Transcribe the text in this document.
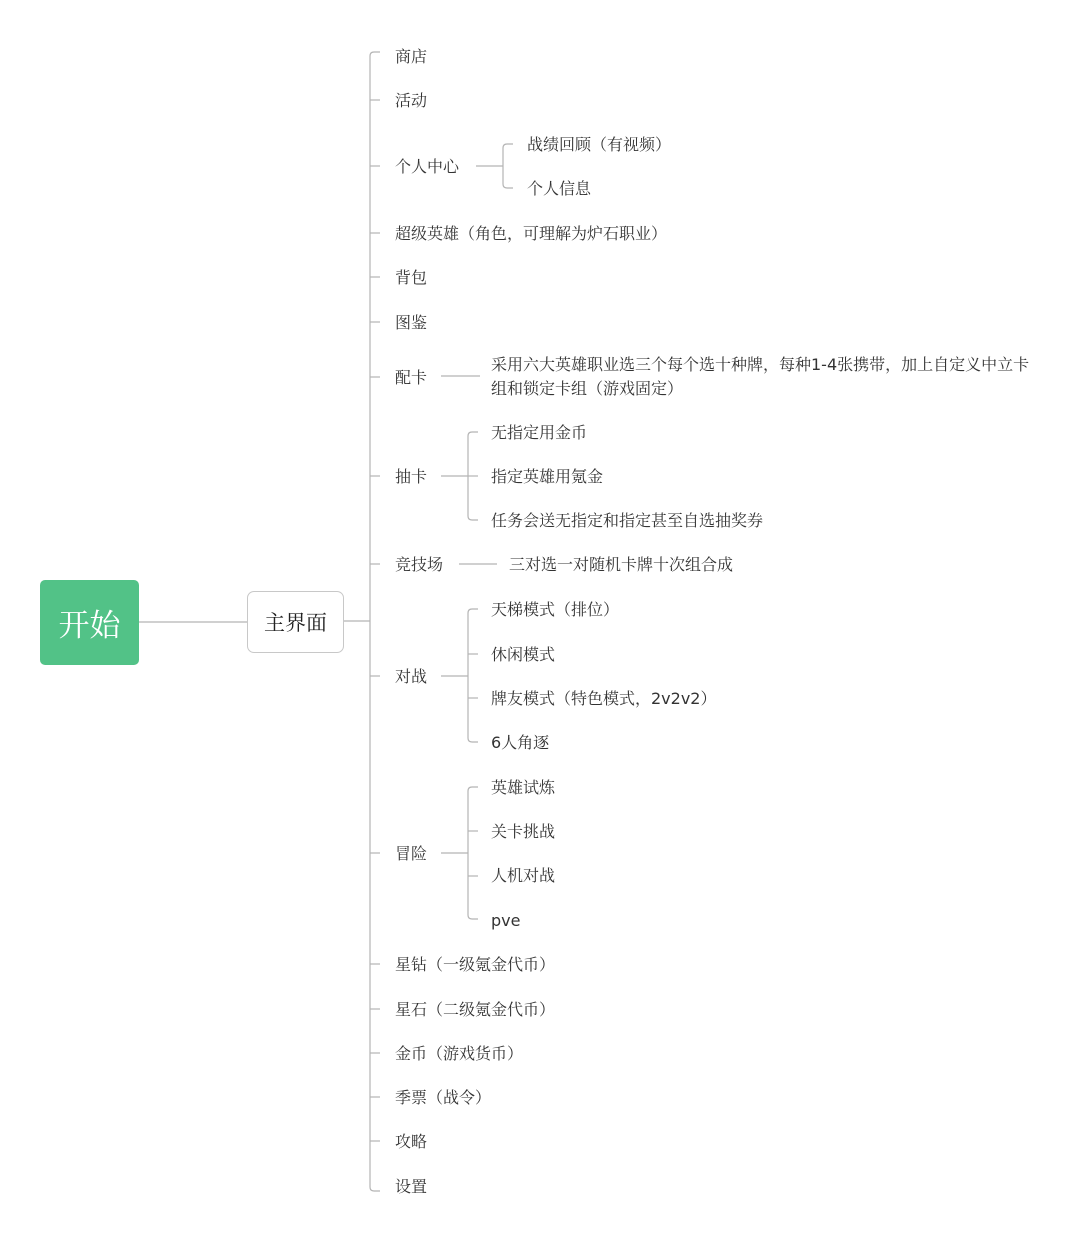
开始	主界面
商店
活动
个人中心
超级英雄（角色，可理解为炉石职业）
背包
图鉴
配卡
抽卡
竞技场
对战
冒险
星钻（一级氪金代币）
星石（二级氪金代币）
金币（游戏货币）
季票（战令）
攻略
设置
战绩回顾（有视频）
个人信息
采用六大英雄职业选三个每个选十种牌，每种1-4张携带，加上自定义中立卡组和锁定卡组（游戏固定）
无指定用金币
指定英雄用氪金
任务会送无指定和指定甚至自选抽奖券
三对选一对随机卡牌十次组合成
天梯模式（排位）
休闲模式
牌友模式（特色模式，2v2v2）
6人角逐
英雄试炼
关卡挑战
人机对战
pve
